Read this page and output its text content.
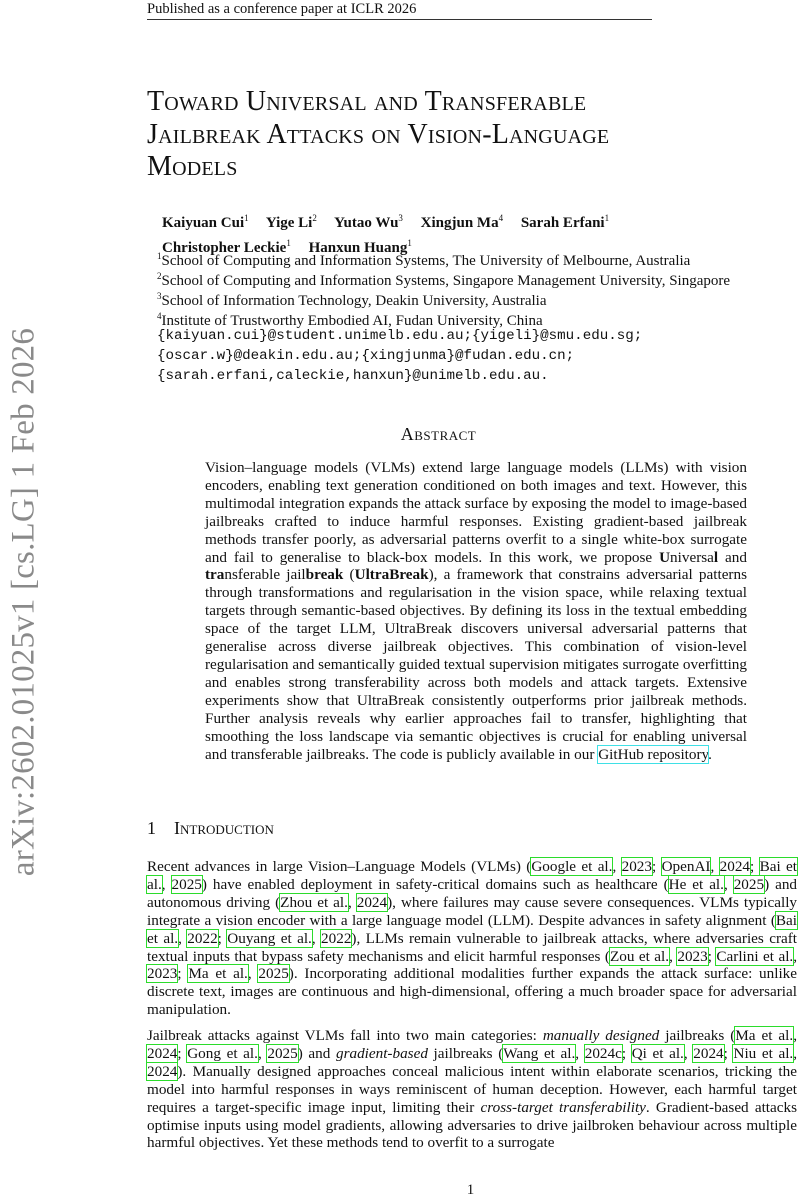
Published as a conference paper at ICLR 2026
arXiv:2602.01025v1 [cs.LG] 1 Feb 2026
Toward Universal and Transferable
Jailbreak Attacks on Vision-Language
Models
Kaiyuan Cui$^1$ Yige Li$^2$ Yutao Wu$^3$ Xingjun Ma$^4$ Sarah Erfani$^1$
Christopher Leckie$^1$ Hanxun Huang$^1$
$^1$School of Computing and Information Systems, The University of Melbourne, Australia
$^2$School of Computing and Information Systems, Singapore Management University, Singapore
$^3$School of Information Technology, Deakin University, Australia
$^4$Institute of Trustworthy Embodied AI, Fudan University, China
{kaiyuan.cui}@student.unimelb.edu.au;{yigeli}@smu.edu.sg;
{oscar.w}@deakin.edu.au;{xingjunma}@fudan.edu.cn;
{sarah.erfani,caleckie,hanxun}@unimelb.edu.au.
Abstract
Vision–language models (VLMs) extend large language models (LLMs) with vision encoders, enabling text generation conditioned on both images and text. However, this multimodal integration expands the attack surface by exposing the model to image-based jailbreaks crafted to induce harmful responses. Existing gradient-based jailbreak methods transfer poorly, as adversarial patterns overfit to a single white-box surrogate and fail to generalise to black-box models. In this work, we propose Universal and transferable jailbreak (UltraBreak), a framework that constrains adversarial patterns through transformations and regularisation in the vision space, while relaxing textual targets through semantic-based objectives. By defining its loss in the textual embedding space of the target LLM, UltraBreak discovers universal adversarial patterns that generalise across diverse jailbreak objectives. This combination of vision-level regularisation and semantically guided textual supervision mitigates surrogate overfitting and enables strong transferability across both models and attack targets. Extensive experiments show that UltraBreak consistently outperforms prior jailbreak methods. Further analysis reveals why earlier approaches fail to transfer, highlighting that smoothing the loss landscape via semantic objectives is crucial for enabling universal and transferable jailbreaks. The code is publicly available in our GitHub repository.
1 Introduction
Recent advances in large Vision–Language Models (VLMs) (Google et al., 2023; OpenAI, 2024; Bai et al., 2025) have enabled deployment in safety-critical domains such as healthcare (He et al., 2025) and autonomous driving (Zhou et al., 2024), where failures may cause severe consequences. VLMs typically integrate a vision encoder with a large language model (LLM). Despite advances in safety alignment (Bai et al., 2022; Ouyang et al., 2022), LLMs remain vulnerable to jailbreak attacks, where adversaries craft textual inputs that bypass safety mechanisms and elicit harmful responses (Zou et al., 2023; Carlini et al., 2023; Ma et al., 2025). Incorporating additional modalities further expands the attack surface: unlike discrete text, images are continuous and high-dimensional, offering a much broader space for adversarial manipulation.
Jailbreak attacks against VLMs fall into two main categories: manually designed jailbreaks (Ma et al., 2024; Gong et al., 2025) and gradient-based jailbreaks (Wang et al., 2024c; Qi et al., 2024; Niu et al., 2024). Manually designed approaches conceal malicious intent within elaborate scenarios, tricking the model into harmful responses in ways reminiscent of human deception. However, each harmful target requires a target-specific image input, limiting their cross-target transferability. Gradient-based attacks optimise inputs using model gradients, allowing adversaries to drive jailbroken behaviour across multiple harmful objectives. Yet these methods tend to overfit to a surrogate
1
